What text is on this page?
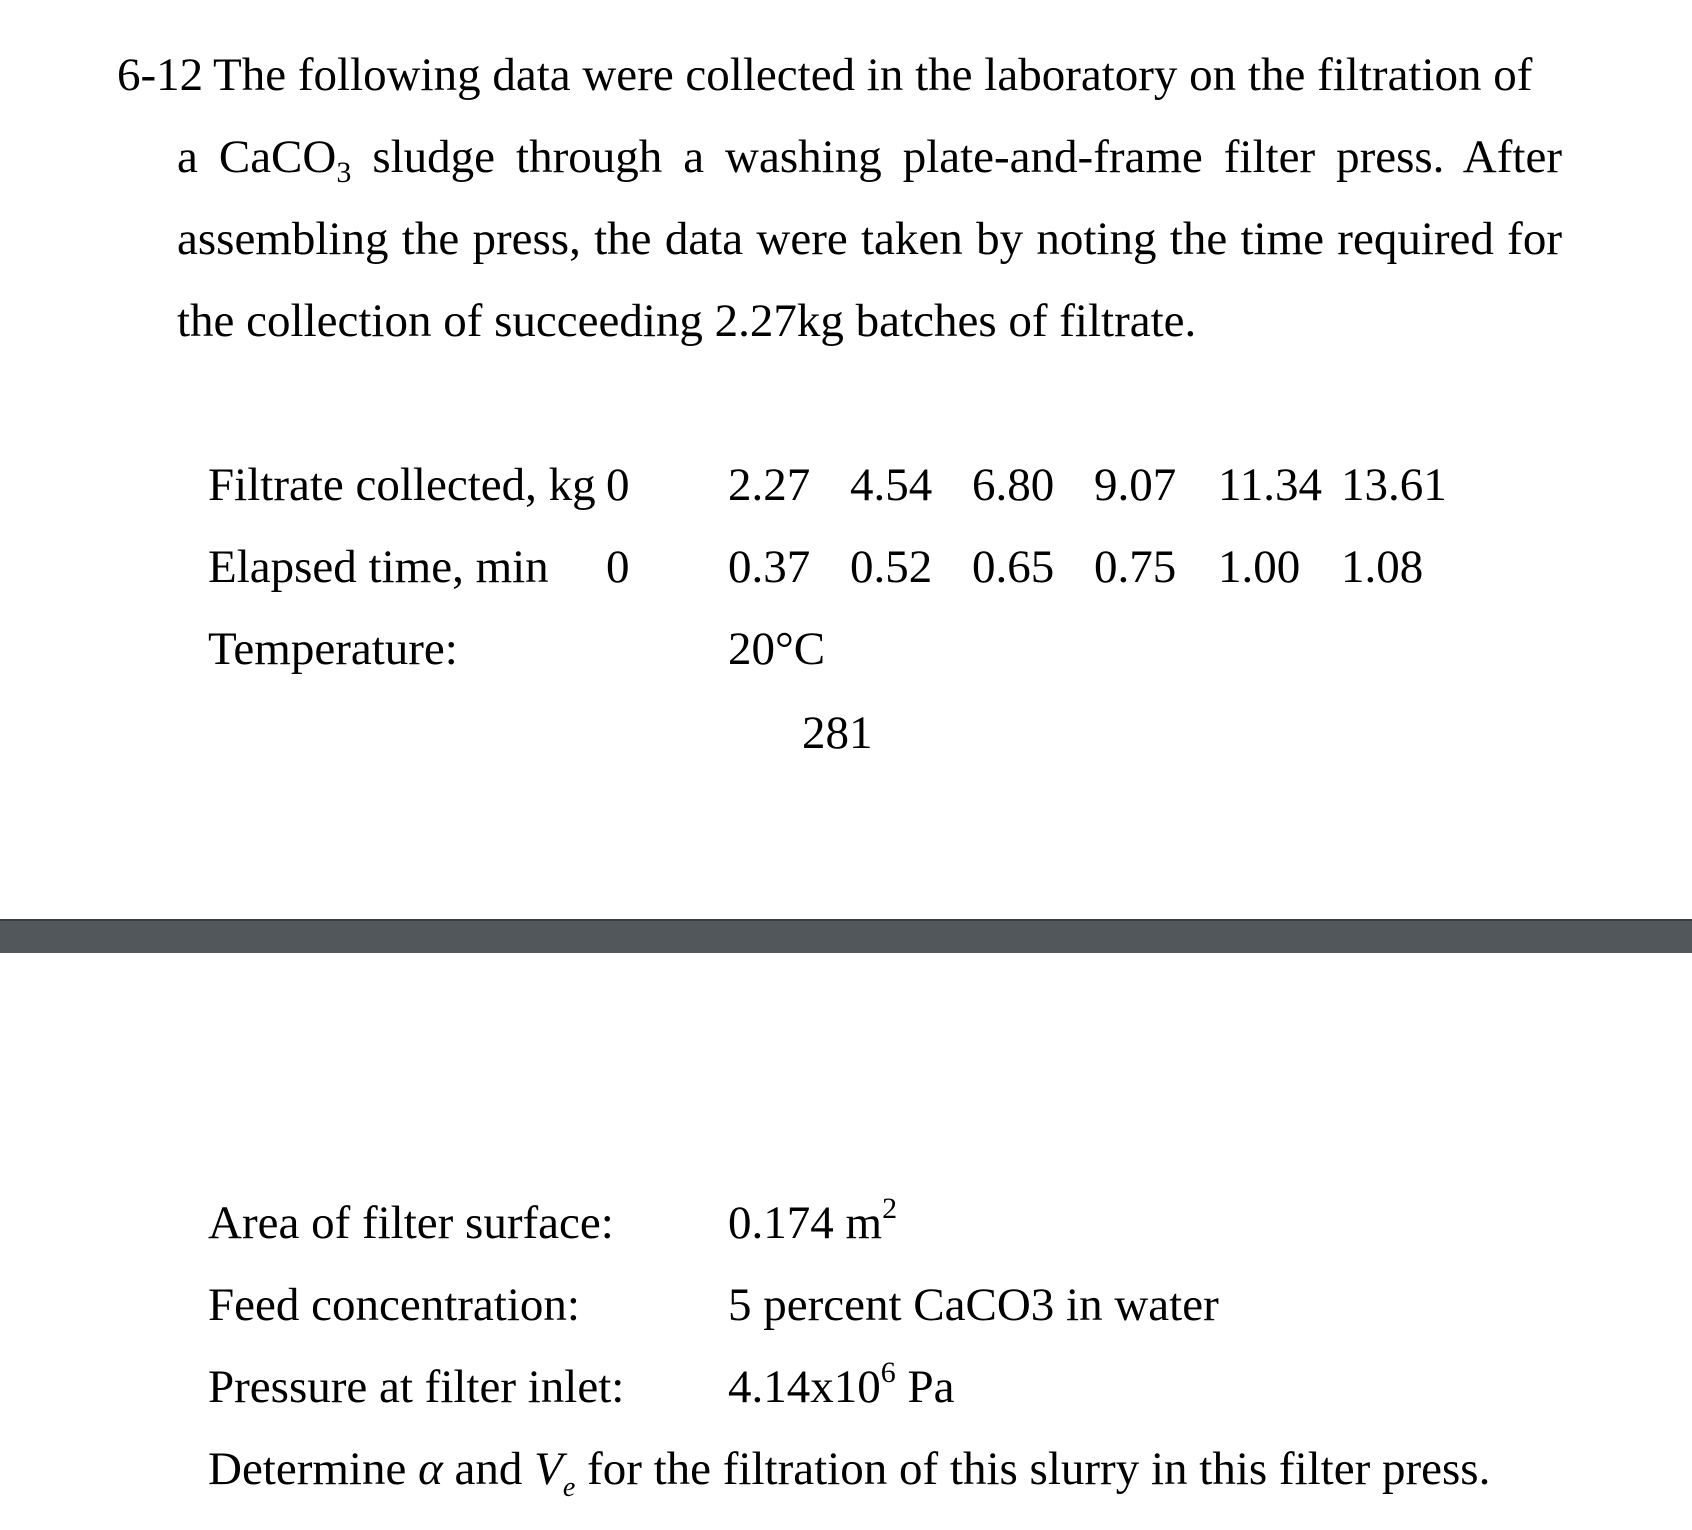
6-12 The following data were collected in the laboratory on the filtration of
a CaCO$_3$ sludge through a washing plate-and-frame filter press. After
assembling the press, the data were taken by noting the time required for
the collection of succeeding 2.27kg batches of filtrate.
Filtrate collected, kg 0 2.27 4.54 6.80 9.07 11.34 13.61
Elapsed time, min 0 0.37 0.52 0.65 0.75 1.00 1.08
Temperature:	20°C
281
Area of filter surface: 0.174 $m^2$
Feed concentration:	5 percent CaCO3 in water
Pressure at filter inlet: $4.14x10^6$ Pa
Determine α and $V_e$ for the filtration of this slurry in this filter press.
